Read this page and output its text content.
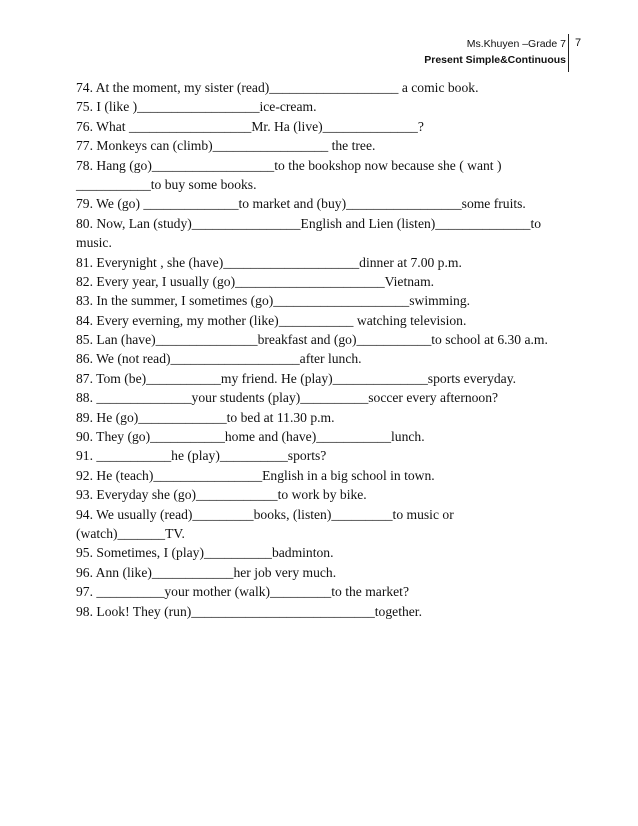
Ms.Khuyen –Grade 7
Present Simple&Continuous
7
74. At the moment, my sister (read)___________________ a comic book.
75. I (like )__________________ice-cream.
76. What __________________Mr. Ha (live)______________?
77. Monkeys can (climb)_________________ the tree.
78. Hang (go)__________________to the bookshop now because she ( want )
___________to buy some books.
79. We (go) ______________to market and (buy)_________________some fruits.
80. Now, Lan (study)________________English and Lien (listen)______________to
music.
81. Everynight , she (have)____________________dinner at 7.00 p.m.
82. Every year, I usually (go)______________________Vietnam.
83. In the summer, I sometimes (go)____________________swimming.
84. Every everning, my mother (like)___________ watching television.
85. Lan (have)_______________breakfast and (go)___________to school at 6.30 a.m.
86. We (not read)___________________after lunch.
87. Tom (be)___________my friend. He (play)______________sports everyday.
88. ______________your students (play)__________soccer every afternoon?
89. He (go)_____________to bed at 11.30 p.m.
90. They (go)___________home and (have)___________lunch.
91. ___________he (play)__________sports?
92. He (teach)________________English in a big school in town.
93. Everyday she (go)____________to work by bike.
94. We usually (read)_________books, (listen)_________to music or
(watch)_______TV.
95. Sometimes, I (play)__________badminton.
96. Ann (like)____________her job very much.
97. __________your mother (walk)_________to the market?
98. Look! They (run)___________________________together.
